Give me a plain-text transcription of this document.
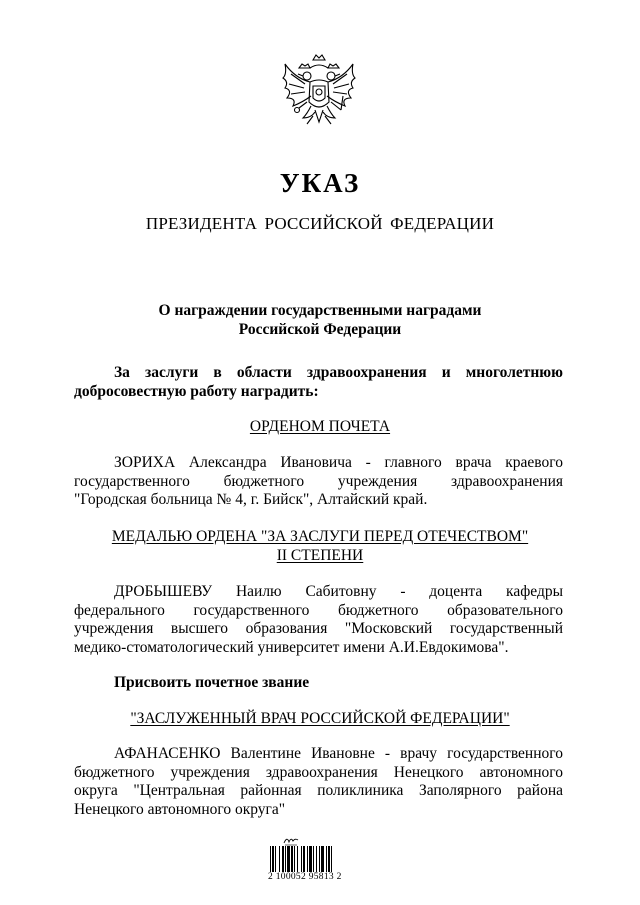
УКАЗ
ПРЕЗИДЕНТА РОССИЙСКОЙ ФЕДЕРАЦИИ
О награждении государственными наградами
Российской Федерации
За заслуги в области здравоохранения и многолетнюю
добросовестную работу наградить:
ОРДЕНОМ ПОЧЕТА
ЗОРИХА Александра Ивановича - главного врача краевого
государственного бюджетного учреждения здравоохранения
"Городская больница № 4, г. Бийск", Алтайский край.
МЕДАЛЬЮ ОРДЕНА "ЗА ЗАСЛУГИ ПЕРЕД ОТЕЧЕСТВОМ"
II СТЕПЕНИ
ДРОБЫШЕВУ Наилю Сабитовну - доцента кафедры
федерального государственного бюджетного образовательного
учреждения высшего образования "Московский государственный
медико-стоматологический университет имени А.И.Евдокимова".
Присвоить почетное звание
"ЗАСЛУЖЕННЫЙ ВРАЧ РОССИЙСКОЙ ФЕДЕРАЦИИ"
АФАНАСЕНКО Валентине Ивановне - врачу государственного
бюджетного учреждения здравоохранения Ненецкого автономного
округа "Центральная районная поликлиника Заполярного района
Ненецкого автономного округа"
2 100052 95813 2
